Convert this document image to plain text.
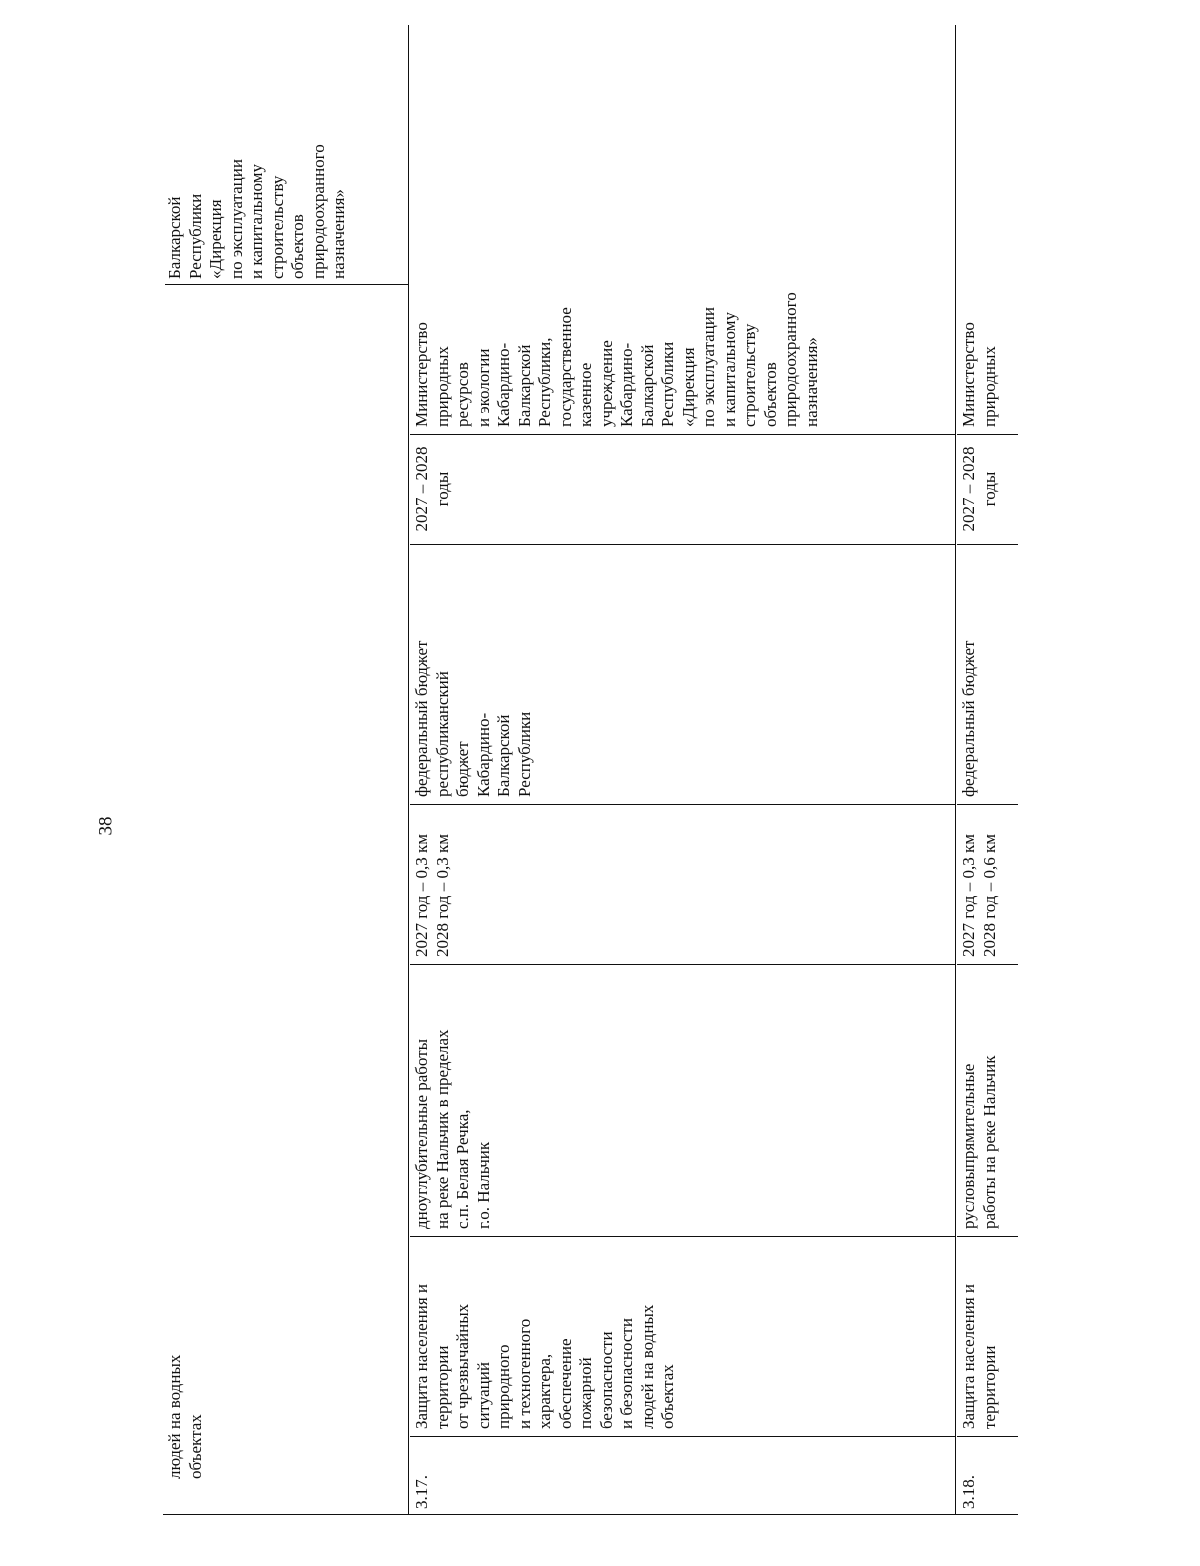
38
людей на водных
объектах
Балкарской
Республики
«Дирекция
по эксплуатации
и капитальному
строительству
объектов
природоохранного
назначения»
3.17.
Защита населения и
территории
от чрезвычайных
ситуаций
природного
и техногенного
характера,
обеспечение
пожарной
безопасности
и безопасности
людей на водных
объектах
дноуглубительные работы
на реке Нальчик в пределах
с.п. Белая Речка,
г.о. Нальчик
2027 год – 0,3 км
2028 год – 0,3 км
федеральный бюджет
республиканский
бюджет
Кабардино-
Балкарской
Республики
2027 – 2028
годы
Министерство
природных
ресурсов
и экологии
Кабардино-
Балкарской
Республики,
государственное
казенное
учреждение
Кабардино-
Балкарской
Республики
«Дирекция
по эксплуатации
и капитальному
строительству
объектов
природоохранного
назначения»
3.18.
Защита населения и
территории
русловыпрямительные
работы на реке Нальчик
2027 год – 0,3 км
2028 год – 0,6 км
федеральный бюджет
2027 – 2028
годы
Министерство
природных
